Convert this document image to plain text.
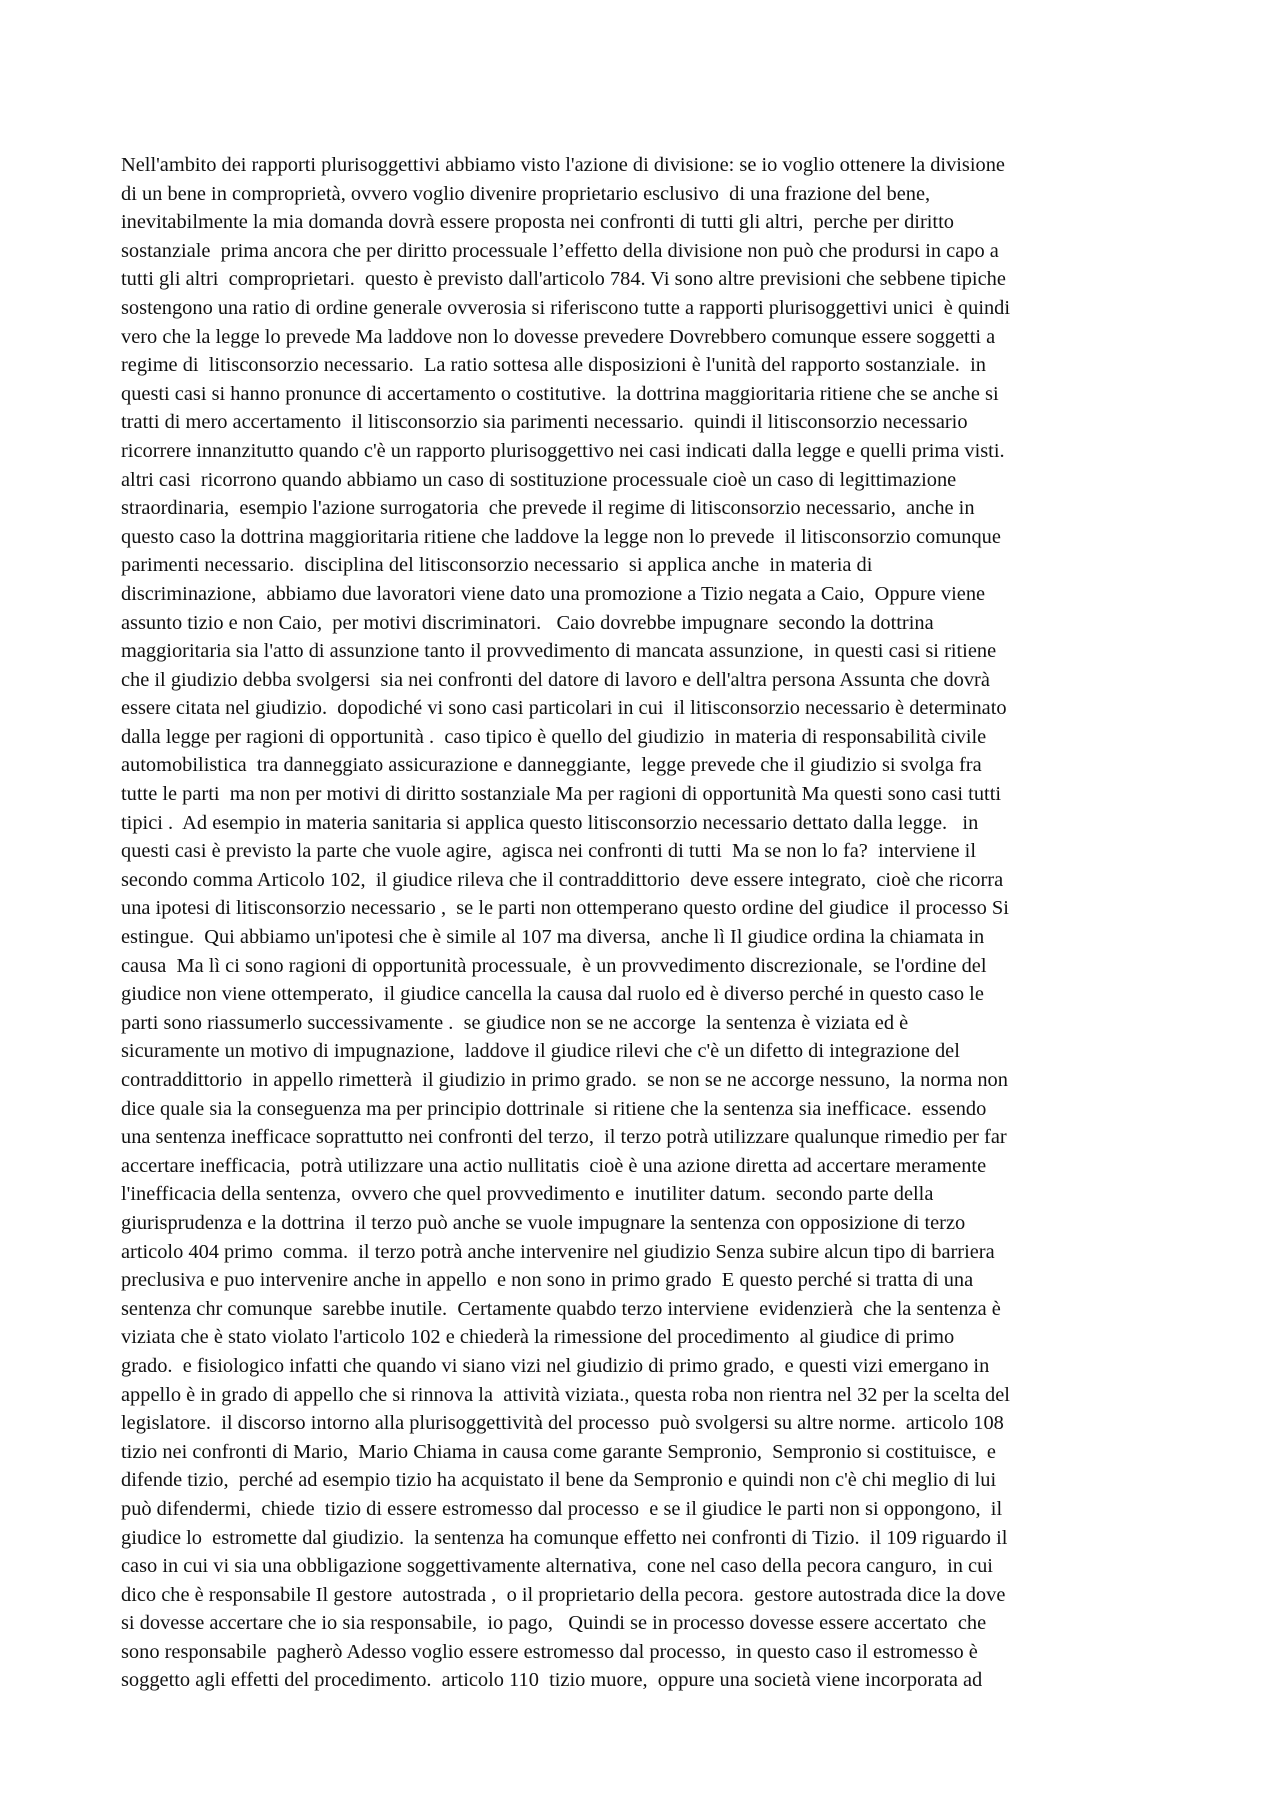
Nell'ambito dei rapporti plurisoggettivi abbiamo visto l'azione di divisione: se io voglio ottenere la divisione
di un bene in comproprietà, ovvero voglio divenire proprietario esclusivo  di una frazione del bene,
inevitabilmente la mia domanda dovrà essere proposta nei confronti di tutti gli altri,  perche per diritto
sostanziale  prima ancora che per diritto processuale l’effetto della divisione non può che prodursi in capo a
tutti gli altri  comproprietari.  questo è previsto dall'articolo 784. Vi sono altre previsioni che sebbene tipiche
sostengono una ratio di ordine generale ovverosia si riferiscono tutte a rapporti plurisoggettivi unici  è quindi
vero che la legge lo prevede Ma laddove non lo dovesse prevedere Dovrebbero comunque essere soggetti a
regime di  litisconsorzio necessario.  La ratio sottesa alle disposizioni è l'unità del rapporto sostanziale.  in
questi casi si hanno pronunce di accertamento o costitutive.  la dottrina maggioritaria ritiene che se anche si
tratti di mero accertamento  il litisconsorzio sia parimenti necessario.  quindi il litisconsorzio necessario
ricorrere innanzitutto quando c'è un rapporto plurisoggettivo nei casi indicati dalla legge e quelli prima visti.
altri casi  ricorrono quando abbiamo un caso di sostituzione processuale cioè un caso di legittimazione
straordinaria,  esempio l'azione surrogatoria  che prevede il regime di litisconsorzio necessario,  anche in
questo caso la dottrina maggioritaria ritiene che laddove la legge non lo prevede  il litisconsorzio comunque
parimenti necessario.  disciplina del litisconsorzio necessario  si applica anche  in materia di
discriminazione,  abbiamo due lavoratori viene dato una promozione a Tizio negata a Caio,  Oppure viene
assunto tizio e non Caio,  per motivi discriminatori.   Caio dovrebbe impugnare  secondo la dottrina
maggioritaria sia l'atto di assunzione tanto il provvedimento di mancata assunzione,  in questi casi si ritiene
che il giudizio debba svolgersi  sia nei confronti del datore di lavoro e dell'altra persona Assunta che dovrà
essere citata nel giudizio.  dopodiché vi sono casi particolari in cui  il litisconsorzio necessario è determinato
dalla legge per ragioni di opportunità .  caso tipico è quello del giudizio  in materia di responsabilità civile
automobilistica  tra danneggiato assicurazione e danneggiante,  legge prevede che il giudizio si svolga fra
tutte le parti  ma non per motivi di diritto sostanziale Ma per ragioni di opportunità Ma questi sono casi tutti
tipici .  Ad esempio in materia sanitaria si applica questo litisconsorzio necessario dettato dalla legge.   in
questi casi è previsto la parte che vuole agire,  agisca nei confronti di tutti  Ma se non lo fa?  interviene il
secondo comma Articolo 102,  il giudice rileva che il contraddittorio  deve essere integrato,  cioè che ricorra
una ipotesi di litisconsorzio necessario ,  se le parti non ottemperano questo ordine del giudice  il processo Si
estingue.  Qui abbiamo un'ipotesi che è simile al 107 ma diversa,  anche lì Il giudice ordina la chiamata in
causa  Ma lì ci sono ragioni di opportunità processuale,  è un provvedimento discrezionale,  se l'ordine del
giudice non viene ottemperato,  il giudice cancella la causa dal ruolo ed è diverso perché in questo caso le
parti sono riassumerlo successivamente .  se giudice non se ne accorge  la sentenza è viziata ed è
sicuramente un motivo di impugnazione,  laddove il giudice rilevi che c'è un difetto di integrazione del
contraddittorio  in appello rimetterà  il giudizio in primo grado.  se non se ne accorge nessuno,  la norma non
dice quale sia la conseguenza ma per principio dottrinale  si ritiene che la sentenza sia inefficace.  essendo
una sentenza inefficace soprattutto nei confronti del terzo,  il terzo potrà utilizzare qualunque rimedio per far
accertare inefficacia,  potrà utilizzare una actio nullitatis  cioè è una azione diretta ad accertare meramente
l'inefficacia della sentenza,  ovvero che quel provvedimento e  inutiliter datum.  secondo parte della
giurisprudenza e la dottrina  il terzo può anche se vuole impugnare la sentenza con opposizione di terzo
articolo 404 primo  comma.  il terzo potrà anche intervenire nel giudizio Senza subire alcun tipo di barriera
preclusiva e puo intervenire anche in appello  e non sono in primo grado  E questo perché si tratta di una
sentenza chr comunque  sarebbe inutile.  Certamente quabdo terzo interviene  evidenzierà  che la sentenza è
viziata che è stato violato l'articolo 102 e chiederà la rimessione del procedimento  al giudice di primo
grado.  e fisiologico infatti che quando vi siano vizi nel giudizio di primo grado,  e questi vizi emergano in
appello è in grado di appello che si rinnova la  attività viziata., questa roba non rientra nel 32 per la scelta del
legislatore.  il discorso intorno alla plurisoggettività del processo  può svolgersi su altre norme.  articolo 108
tizio nei confronti di Mario,  Mario Chiama in causa come garante Sempronio,  Sempronio si costituisce,  e
difende tizio,  perché ad esempio tizio ha acquistato il bene da Sempronio e quindi non c'è chi meglio di lui
può difendermi,  chiede  tizio di essere estromesso dal processo  e se il giudice le parti non si oppongono,  il
giudice lo  estromette dal giudizio.  la sentenza ha comunque effetto nei confronti di Tizio.  il 109 riguardo il
caso in cui vi sia una obbligazione soggettivamente alternativa,  cone nel caso della pecora canguro,  in cui
dico che è responsabile Il gestore  autostrada ,  o il proprietario della pecora.  gestore autostrada dice la dove
si dovesse accertare che io sia responsabile,  io pago,   Quindi se in processo dovesse essere accertato  che
sono responsabile  pagherò Adesso voglio essere estromesso dal processo,  in questo caso il estromesso è
soggetto agli effetti del procedimento.  articolo 110  tizio muore,  oppure una società viene incorporata ad
